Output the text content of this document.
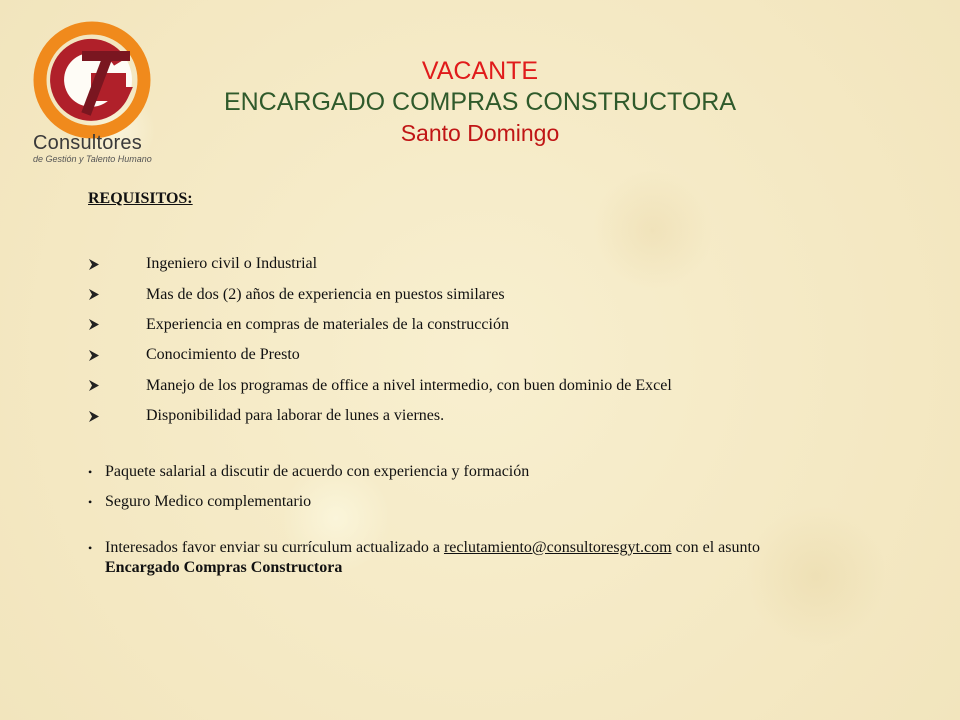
Consultores
de Gestión y Talento Humano
VACANTE
ENCARGADO COMPRAS CONSTRUCTORA
Santo Domingo
REQUISITOS:
Ingeniero civil o Industrial
Mas de dos (2) años de experiencia en puestos similares
Experiencia en compras de materiales de la construcción
Conocimiento de Presto
Manejo de los programas de office a nivel intermedio, con buen dominio de Excel
Disponibilidad para laborar de lunes a viernes.
• Paquete salarial a discutir de acuerdo con experiencia y formación
• Seguro Medico complementario
• Interesados favor enviar su currículum actualizado a reclutamiento@consultoresgyt.com con el asunto
Encargado Compras Constructora
